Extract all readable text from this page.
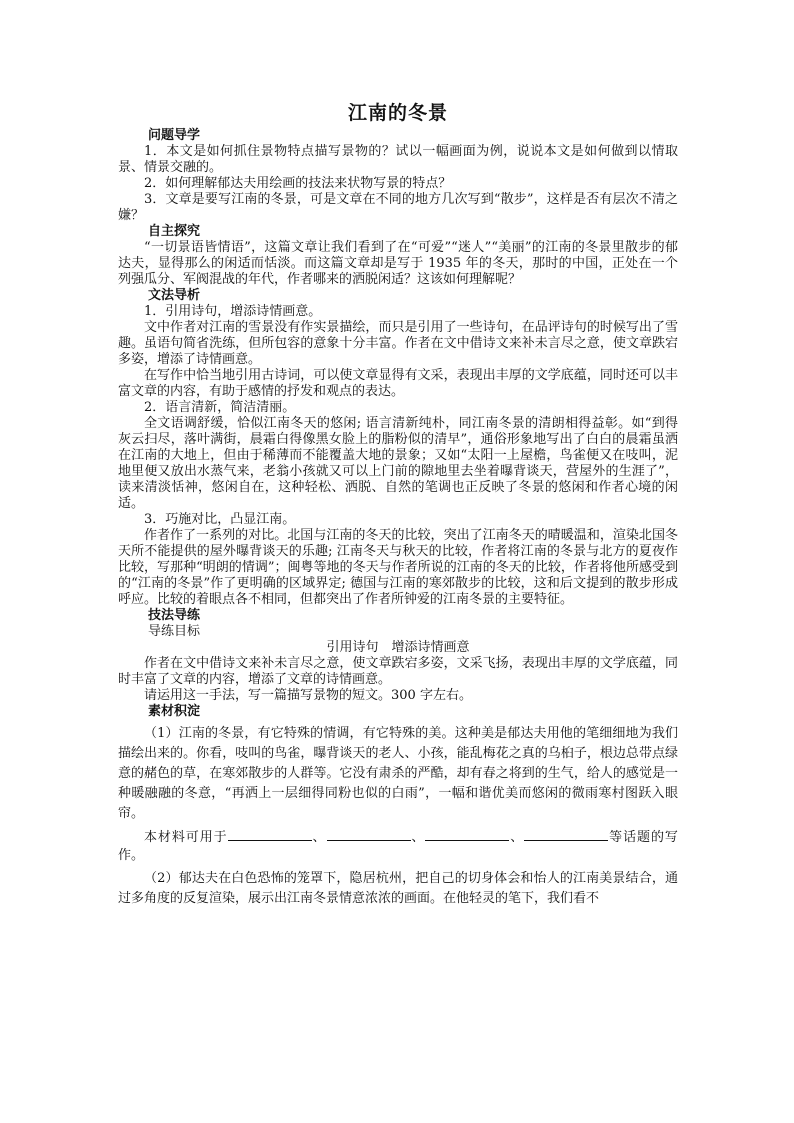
江南的冬景
问题导学
1．本文是如何抓住景物特点描写景物的？试以一幅画面为例，说说本文是如何做到以情取景、情景交融的。
2．如何理解郁达夫用绘画的技法来状物写景的特点？
3．文章是要写江南的冬景，可是文章在不同的地方几次写到“散步”，这样是否有层次不清之嫌？
自主探究
“一切景语皆情语”，这篇文章让我们看到了在“可爱”“迷人”“美丽”的江南的冬景里散步的郁达夫，显得那么的闲适而恬淡。而这篇文章却是写于 1935 年的冬天，那时的中国，正处在一个列强瓜分、军阀混战的年代，作者哪来的洒脱闲适？这该如何理解呢？
文法导析
1．引用诗句，增添诗情画意。
文中作者对江南的雪景没有作实景描绘，而只是引用了一些诗句，在品评诗句的时候写出了雪趣。虽语句简省洗练，但所包容的意象十分丰富。作者在文中借诗文来补未言尽之意，使文章跌宕多姿，增添了诗情画意。
在写作中恰当地引用古诗词，可以使文章显得有文采，表现出丰厚的文学底蕴，同时还可以丰富文章的内容，有助于感情的抒发和观点的表达。
2．语言清新，简洁清丽。
全文语调舒缓，恰似江南冬天的悠闲; 语言清新纯朴，同江南冬景的清朗相得益彰。如“到得灰云扫尽，落叶满街，晨霜白得像黑女脸上的脂粉似的清早”，通俗形象地写出了白白的晨霜虽洒在江南的大地上，但由于稀薄而不能覆盖大地的景象；又如“太阳一上屋檐，鸟雀便又在吱叫，泥地里便又放出水蒸气来，老翁小孩就又可以上门前的隙地里去坐着曝背谈天，营屋外的生涯了”，读来清淡恬神，悠闲自在，这种轻松、洒脱、自然的笔调也正反映了冬景的悠闲和作者心境的闲适。
3．巧施对比，凸显江南。
作者作了一系列的对比。北国与江南的冬天的比较，突出了江南冬天的晴暖温和，渲染北国冬天所不能提供的屋外曝背谈天的乐趣; 江南冬天与秋天的比较，作者将江南的冬景与北方的夏夜作比较，写那种“明朗的情调”；闽粤等地的冬天与作者所说的江南的冬天的比较，作者将他所感受到的“江南的冬景”作了更明确的区域界定; 德国与江南的寒郊散步的比较，这和后文提到的散步形成呼应。比较的着眼点各不相同，但都突出了作者所钟爱的江南冬景的主要特征。
技法导练
导练目标
引用诗句　增添诗情画意
作者在文中借诗文来补未言尽之意，使文章跌宕多姿，文采飞扬，表现出丰厚的文学底蕴，同时丰富了文章的内容，增添了文章的诗情画意。
请运用这一手法，写一篇描写景物的短文。300 字左右。
素材积淀
（1）江南的冬景，有它特殊的情调，有它特殊的美。这种美是郁达夫用他的笔细细地为我们描绘出来的。你看，吱叫的鸟雀，曝背谈天的老人、小孩，能乱梅花之真的乌桕子，根边总带点绿意的赭色的草，在寒郊散步的人群等。它没有肃杀的严酷，却有春之将到的生气，给人的感觉是一种暖融融的冬意，“再洒上一层细得同粉也似的白雨”，一幅和谐优美而悠闲的微雨寒村图跃入眼帘。
本材料可用于	、	、	、	等话题的写作。
（2）郁达夫在白色恐怖的笼罩下，隐居杭州，把自己的切身体会和怡人的江南美景结合，通过多角度的反复渲染，展示出江南冬景情意浓浓的画面。在他轻灵的笔下，我们看不
